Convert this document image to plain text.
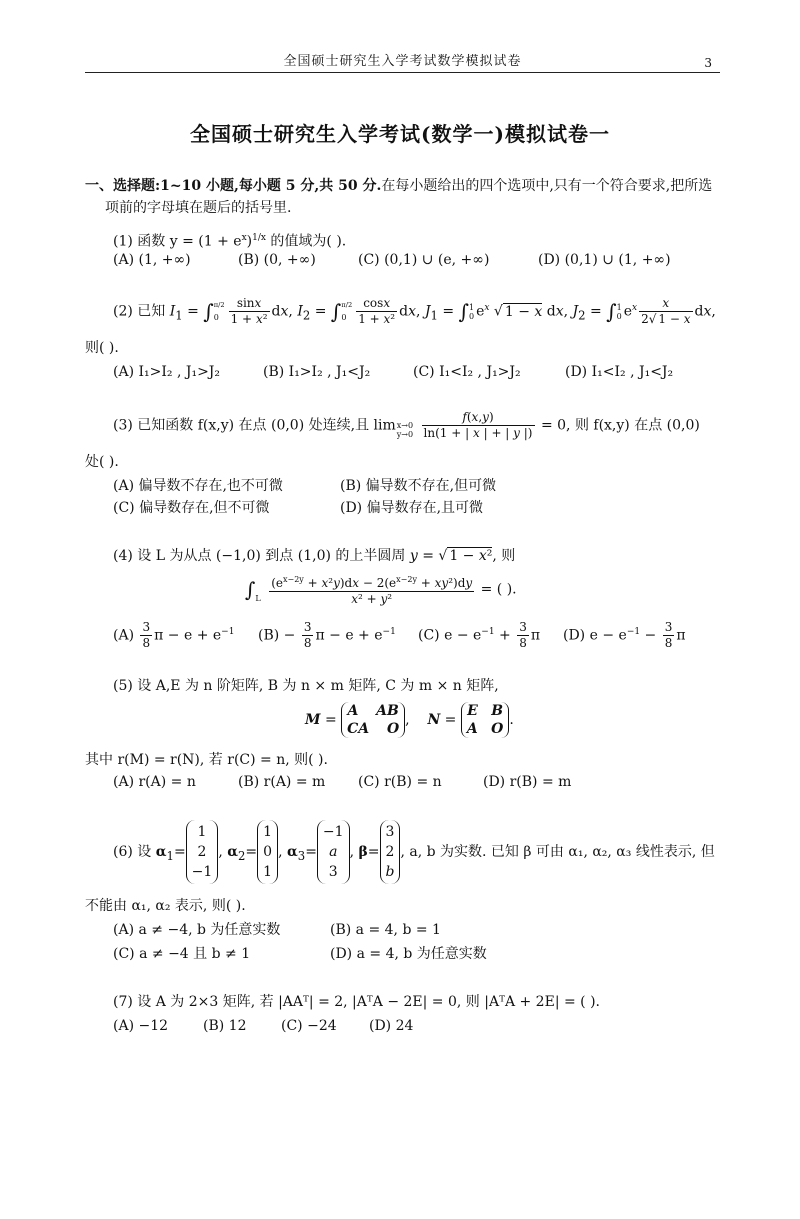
全国硕士研究生入学考试数学模拟试卷	3
全国硕士研究生入学考试(数学一)模拟试卷一
一、选择题:1~10 小题,每小题 5 分,共 50 分.在每小题给出的四个选项中,只有一个符合要求,把所选
项前的字母填在题后的括号里.
(1) 函数 $y = (1 + e^x)^{1/x}$ 的值域为( ).
(A) (1, +∞)	(B) (0, +∞)	(C) (0,1) ∪ (e, +∞)	(D) (0,1) ∪ (1, +∞)
(2) 已知 $I_1 = \int^{\pi/2}$
$0 \frac{\sin x}{\text{1 + x²}}$ dx, $I_2 = \int^{\pi/2}$
$0 \frac{\cos x}{\text{1 + x²}}$ dx, $J_1 = \int 1$
0 $e^x$ √ 1 − x dx, $J_2 = \int 1$
0 $e^x \frac{x}{2√ 1 - x}$ dx,
则( ).
(A) I₁>I₂ , J₁>J₂	(B) I₁>I₂ , J₁<J₂	(C) I₁<I₂ , J₁>J₂	(D) I₁<I₂ , J₁<J₂
(3) 已知函数 f(x,y) 在点 (0,0) 处连续,且 lim
x→0
$y\to 0 \frac{f(x,y)}{\ln(1 + | x | + | y |)} = 0$, 则 f(x,y) 在点 (0,0)
处( ).
(A) 偏导数不存在,也不可微	(B) 偏导数不存在,但可微
(C) 偏导数存在,但不可微	(D) 偏导数存在,且可微
(4) 设 L 为从点 (−1,0) 到点 (1,0) 的上半圆周 y = √ 1 − x², 则
∫

L $\frac{(e^{x-2y} + x^2y)dx - 2(e^{x-2y} + xy^2)dy}{\text{x² + y²}}$ = ( ).
$(A) \frac{3}{8}$ $\pi - e + e^{-1}$ $(B) - \frac{3}{8}$ $\pi - e + e^{-1}$ (C) $e - e^{-1} + \frac{3}{8}$ π (D) $e - e^{-1} - \frac{3}{8}$ π
(5) 设 A,E 为 n 阶矩阵, B 为 n × m 矩阵, C 为 m × n 矩阵,
M = A AB
CA O,    N = E B
A O.
其中 r(M) = r(N), 若 r(C) = n, 则( ).
(A) r(A) = n	(B) r(A) = m (C) r(B) = n	(D) r(B) = m
(6) 设 $\alpha_1=1$
2
−1, $\alpha_2=1$
0
1, $\alpha_3=-1$
a
3, β=3
2
b, a, b 为实数. 已知 β 可由 α₁, α₂, α₃ 线性表示, 但
不能由 α₁, α₂ 表示, 则( ).
(A) a ≠ −4, b 为任意实数	(B) a = 4, b = 1
(C) a ≠ −4 且 b ≠ 1	(D) a = 4, b 为任意实数
(7) 设 A 为 2×3 矩阵, 若 |AAᵀ| = 2, |AᵀA − 2E| = 0, 则 |AᵀA + 2E| = ( ).
(A) −12 (B) 12 (C) −24 (D) 24
